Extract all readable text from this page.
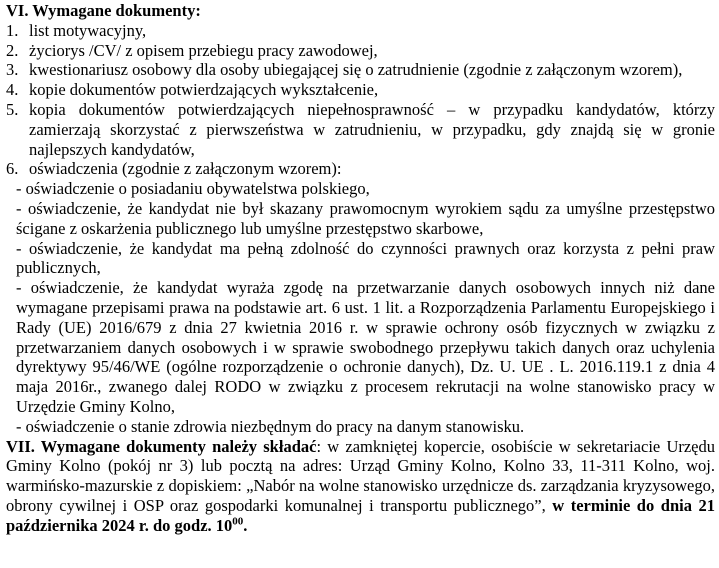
VI. Wymagane dokumenty:

1. list motywacyjny,
2. życiorys /CV/ z opisem przebiegu pracy zawodowej,
3. kwestionariusz osobowy dla osoby ubiegającej się o zatrudnienie (zgodnie z załączonym wzorem),
4. kopie dokumentów potwierdzających wykształcenie,
5. kopia dokumentów potwierdzających niepełnosprawność – w przypadku kandydatów, którzy zamierzają skorzystać z pierwszeństwa w zatrudnieniu, w przypadku, gdy znajdą się w gronie najlepszych kandydatów,
6. oświadczenia (zgodnie z załączonym wzorem):
- oświadczenie o posiadaniu obywatelstwa polskiego,
- oświadczenie, że kandydat nie był skazany prawomocnym wyrokiem sądu za umyślne przestępstwo ścigane z oskarżenia publicznego lub umyślne przestępstwo skarbowe,
- oświadczenie, że kandydat ma pełną zdolność do czynności prawnych oraz korzysta z pełni praw publicznych,
- oświadczenie, że kandydat wyraża zgodę na przetwarzanie danych osobowych innych niż dane wymagane przepisami prawa na podstawie art. 6 ust. 1 lit. a Rozporządzenia Parlamentu Europejskiego i Rady (UE) 2016/679 z dnia 27 kwietnia 2016 r. w sprawie ochrony osób fizycznych w związku z przetwarzaniem danych osobowych i w sprawie swobodnego przepływu takich danych oraz uchylenia dyrektywy 95/46/WE (ogólne rozporządzenie o ochronie danych), Dz. U. UE . L. 2016.119.1 z dnia 4 maja 2016r., zwanego dalej RODO w związku z procesem rekrutacji na wolne stanowisko pracy w Urzędzie Gminy Kolno,
- oświadczenie o stanie zdrowia niezbędnym do pracy na danym stanowisku.

VII. Wymagane dokumenty należy składać: w zamkniętej kopercie, osobiście w sekretariacie Urzędu Gminy Kolno (pokój nr 3) lub pocztą na adres: Urząd Gminy Kolno, Kolno 33, 11-311 Kolno, woj. warmińsko-mazurskie z dopiskiem: „Nabór na wolne stanowisko urzędnicze ds. zarządzania kryzysowego, obrony cywilnej i OSP oraz gospodarki komunalnej i transportu publicznego”, w terminie do dnia 21 października 2024 r. do godz. $10^{00}$.
